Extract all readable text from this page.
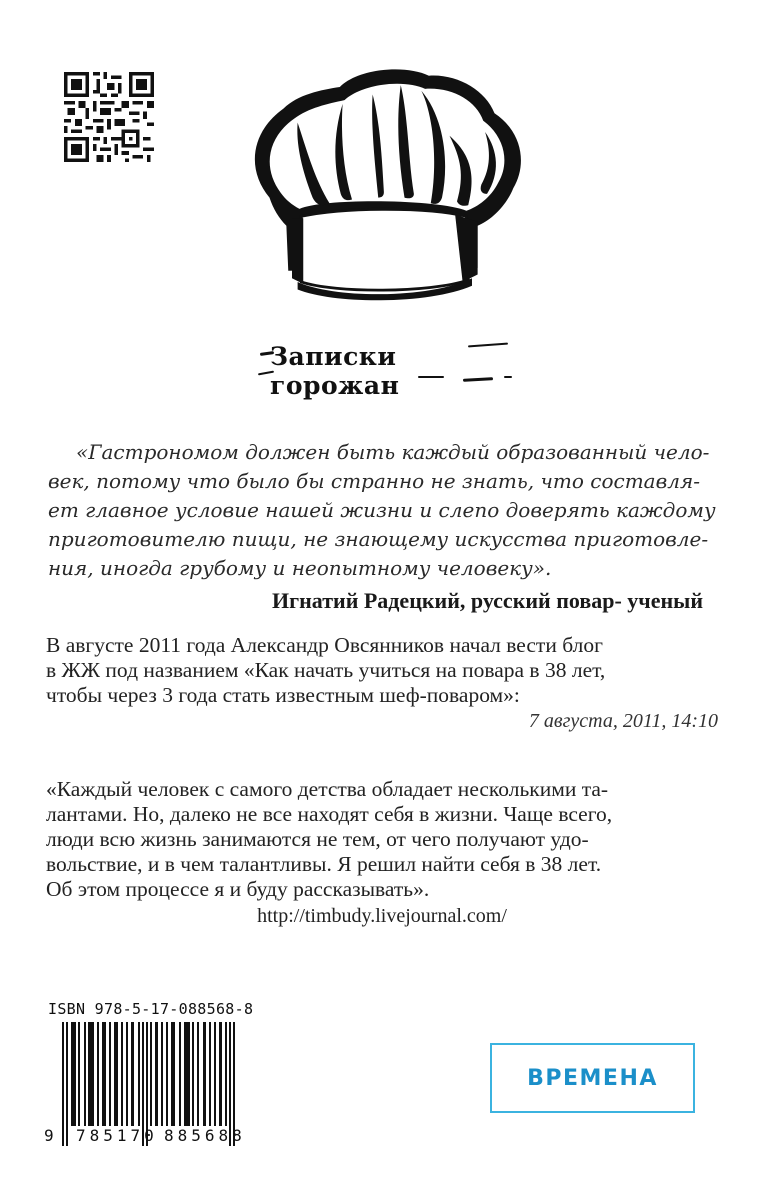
Записки горожан
«Гастрономом должен быть каждый образованный чело-
век, потому что было бы странно не знать, что составля-
ет главное условие нашей жизни и слепо доверять каждому
приготовителю пищи, не знающему искусства приготовле-
ния, иногда грубому и неопытному человеку».
Игнатий Радецкий, русский повар- ученый
В августе 2011 года Александр Овсянников начал вести блог
в ЖЖ под названием «Как начать учиться на повара в 38 лет,
чтобы через 3 года стать известным шеф-поваром»:
7 августа, 2011, 14:10
«Каждый человек с самого детства обладает несколькими та-
лантами. Но, далеко не все находят себя в жизни. Чаще всего,
люди всю жизнь занимаются не тем, от чего получают удо-
вольствие, и в чем талантливы. Я решил найти себя в 38 лет.
Об этом процессе я и буду рассказывать».
http://timbudy.livejournal.com/
ISBN 978-5-17-088568-8
9 785170 885688
ВРЕМЕНА
